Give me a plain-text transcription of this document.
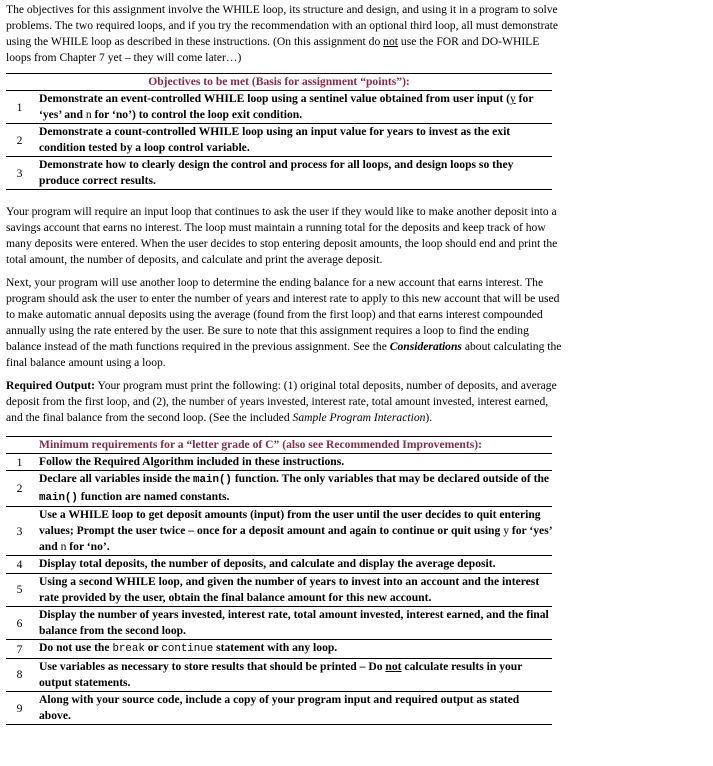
The objectives for this assignment involve the WHILE loop, its structure and design, and using it in a program to solve problems. The two required loops, and if you try the recommendation with an optional third loop, all must demonstrate using the WHILE loop as described in these instructions. (On this assignment do not use the FOR and DO-WHILE loops from Chapter 7 yet – they will come later…)

Objectives to be met (Basis for assignment “points”):	
1	Demonstrate an event-controlled WHILE loop using a sentinel value obtained from user input (y for ‘yes’ and n for ‘no’) to control the loop exit condition.
2	Demonstrate a count-controlled WHILE loop using an input value for years to invest as the exit condition tested by a loop control variable.
3	Demonstrate how to clearly design the control and process for all loops, and design loops so they produce correct results.

Your program will require an input loop that continues to ask the user if they would like to make another deposit into a savings account that earns no interest. The loop must maintain a running total for the deposits and keep track of how many deposits were entered. When the user decides to stop entering deposit amounts, the loop should end and print the total amount, the number of deposits, and calculate and print the average deposit.

Next, your program will use another loop to determine the ending balance for a new account that earns interest. The program should ask the user to enter the number of years and interest rate to apply to this new account that will be used to make automatic annual deposits using the average (found from the first loop) and that earns interest compounded annually using the rate entered by the user. Be sure to note that this assignment requires a loop to find the ending balance instead of the math functions required in the previous assignment. See the Considerations about calculating the final balance amount using a loop.

Required Output: Your program must print the following: (1) original total deposits, number of deposits, and average deposit from the first loop, and (2), the number of years invested, interest rate, total amount invested, interest earned, and the final balance from the second loop. (See the included Sample Program Interaction).

	Minimum requirements for a “letter grade of C” (also see Recommended Improvements):
1	Follow the Required Algorithm included in these instructions.
2	Declare all variables inside the main() function. The only variables that may be declared outside of the main() function are named constants.
3	Use a WHILE loop to get deposit amounts (input) from the user until the user decides to quit entering values; Prompt the user twice – once for a deposit amount and again to continue or quit using y for ‘yes’ and n for ‘no’.
4	Display total deposits, the number of deposits, and calculate and display the average deposit.
5	Using a second WHILE loop, and given the number of years to invest into an account and the interest rate provided by the user, obtain the final balance amount for this new account.
6	Display the number of years invested, interest rate, total amount invested, interest earned, and the final balance from the second loop.
7	Do not use the break or continue statement with any loop.
8	Use variables as necessary to store results that should be printed – Do not calculate results in your output statements.
9	Along with your source code, include a copy of your program input and required output as stated above.
